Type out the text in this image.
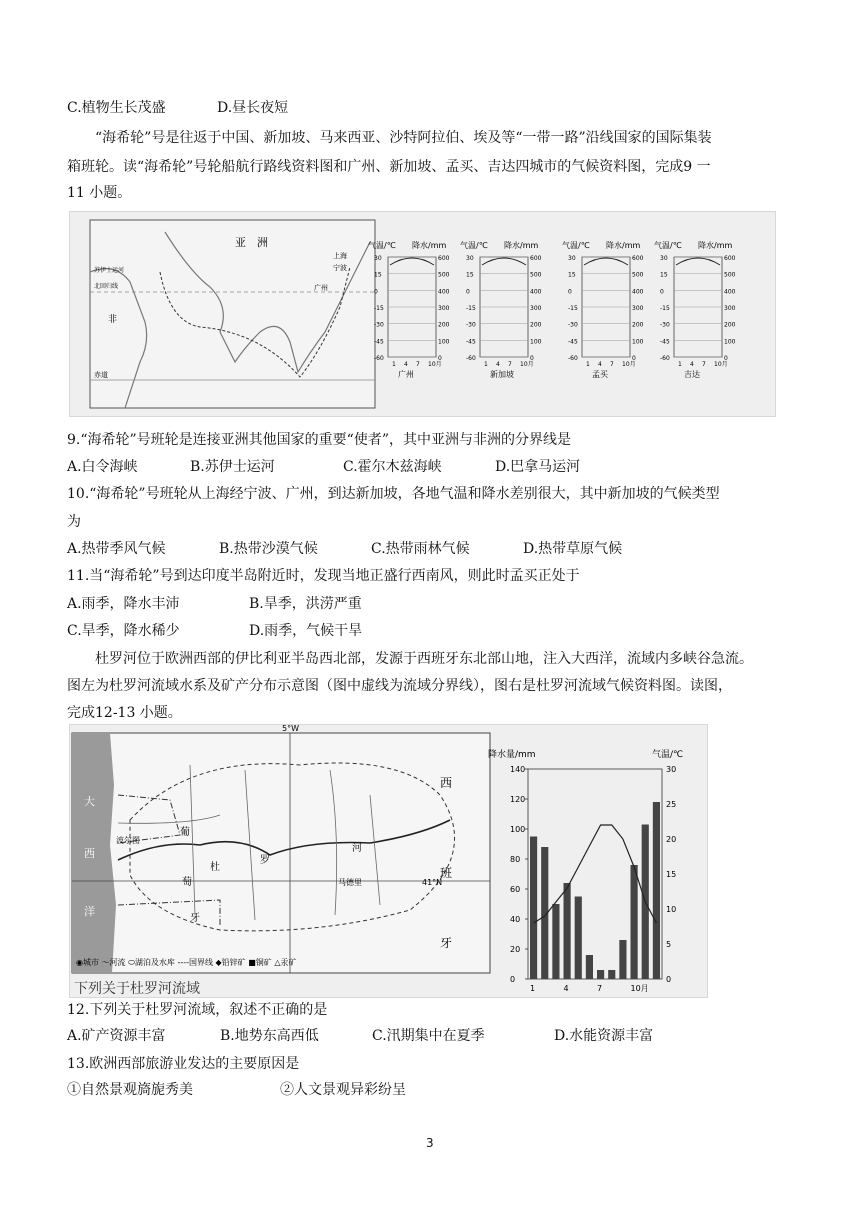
C.植物生长茂盛	D.昼长夜短
“海希轮”号是往返于中国、新加坡、马来西亚、沙特阿拉伯、埃及等“一带一路”沿线国家的国际集装
箱班轮。读“海希轮”号轮船航行路线资料图和广州、新加坡、孟买、吉达四城市的气候资料图，完成9 一
11 小题。
亚　洲
上海
宁波
广州
非
北回归线
苏伊士运河
赤道
气温/℃ 降水/mm
30	600
15	500
0	400
-15	300
-30	200
-45	100
-60	0
1 4 7 10月
广州
气温/℃ 降水/mm
30	600
15	500
0	400
-15	300
-30	200
-45	100
-60	0
1 4 7 10月
新加坡
气温/℃ 降水/mm
30	600
15	500
0	400
-15	300
-30	200
-45	100
-60	0
1 4 7 10月
孟买
气温/℃ 降水/mm
30	600
15	500
0	400
-15	300
-30	200
-45	100
-60	0
1 4 7 10月
吉达
9.“海希轮”号班轮是连接亚洲其他国家的重要“使者”，其中亚洲与非洲的分界线是
A.白令海峡	B.苏伊士运河	C.霍尔木兹海峡	D.巴拿马运河
10.“海希轮”号班轮从上海经宁波、广州，到达新加坡，各地气温和降水差别很大，其中新加坡的气候类型
为
A.热带季风气候	B.热带沙漠气候	C.热带雨林气候	D.热带草原气候
11.当“海希轮”号到达印度半岛附近时，发现当地正盛行西南风，则此时孟买正处于
A.雨季，降水丰沛	B.旱季，洪涝严重
C.旱季，降水稀少	D.雨季，气候干旱
杜罗河位于欧洲西部的伊比利亚半岛西北部，发源于西班牙东北部山地，注入大西洋，流域内多峡谷急流。
图左为杜罗河流域水系及矿产分布示意图（图中虚线为流域分界线），图右是杜罗河流域气候资料图。读图，
完成12-13 小题。
5°W
41°N
大
西
洋
西
班
牙
葡
萄
牙
杜
罗
河
波尔图
马德里
◉城市 ～河流 ⬭湖泊及水库 ----国界线 ◆铅锌矿 ■铜矿 △汞矿
下列关于杜罗河流域
降水量/mm	气温/℃
140
120
100
80
60
40
20
0
30
25
20
15
10
5
0
1	4	7	10月
12.下列关于杜罗河流域，叙述不正确的是
A.矿产资源丰富	B.地势东高西低	C.汛期集中在夏季	D.水能资源丰富
13.欧洲西部旅游业发达的主要原因是
①自然景观旖旎秀美	②人文景观异彩纷呈
3
